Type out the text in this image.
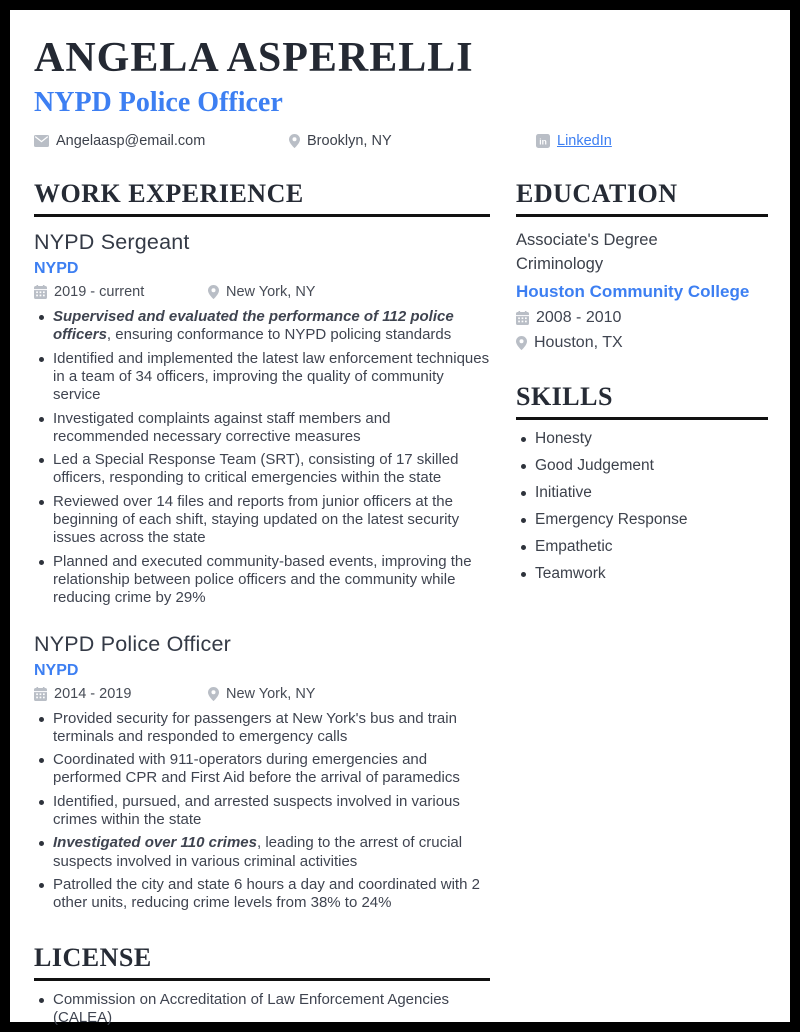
ANGELA ASPERELLI
NYPD Police Officer
Angelaasp@email.com	Brooklyn, NY	in LinkedIn
WORK EXPERIENCE
NYPD Sergeant
NYPD
2019 - current	New York, NY
Supervised and evaluated the performance of 112 police officers, ensuring conformance to NYPD policing standards
Identified and implemented the latest law enforcement techniques in a team of 34 officers, improving the quality of community service
Investigated complaints against staff members and recommended necessary corrective measures
Led a Special Response Team (SRT), consisting of 17 skilled officers, responding to critical emergencies within the state
Reviewed over 14 files and reports from junior officers at the beginning of each shift, staying updated on the latest security issues across the state
Planned and executed community-based events, improving the relationship between police officers and the community while reducing crime by 29%
NYPD Police Officer
NYPD
2014 - 2019	New York, NY
Provided security for passengers at New York's bus and train terminals and responded to emergency calls
Coordinated with 911-operators during emergencies and performed CPR and First Aid before the arrival of paramedics
Identified, pursued, and arrested suspects involved in various crimes within the state
Investigated over 110 crimes, leading to the arrest of crucial suspects involved in various criminal activities
Patrolled the city and state 6 hours a day and coordinated with 2 other units, reducing crime levels from 38% to 24%
LICENSE
Commission on Accreditation of Law Enforcement Agencies (CALEA)
EDUCATION
Associate's Degree
Criminology
Houston Community College
2008 - 2010
Houston, TX
SKILLS
Honesty
Good Judgement
Initiative
Emergency Response
Empathetic
Teamwork
